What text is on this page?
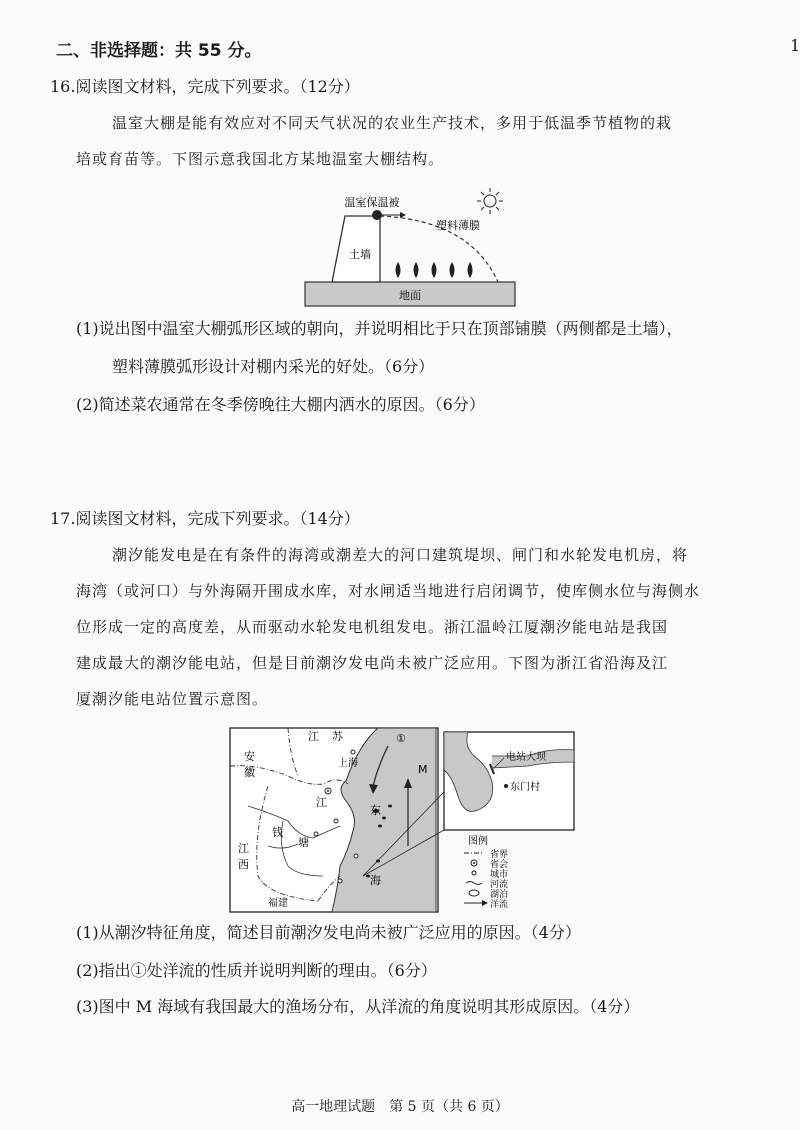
1
二、非选择题：共 55 分。
16.阅读图文材料，完成下列要求。（12分）
温室大棚是能有效应对不同天气状况的农业生产技术，多用于低温季节植物的栽
培或育苗等。下图示意我国北方某地温室大棚结构。
地面
土墙
温室保温被
塑料薄膜
(1)说出图中温室大棚弧形区域的朝向，并说明相比于只在顶部铺膜（两侧都是土墙），
塑料薄膜弧形设计对棚内采光的好处。（6分）
(2)简述菜农通常在冬季傍晚往大棚内洒水的原因。（6分）
17.阅读图文材料，完成下列要求。（14分）
潮汐能发电是在有条件的海湾或潮差大的河口建筑堤坝、闸门和水轮发电机房，将
海湾（或河口）与外海隔开围成水库，对水闸适当地进行启闭调节，使库侧水位与海侧水
位形成一定的高度差，从而驱动水轮发电机组发电。浙江温岭江厦潮汐能电站是我国
建成最大的潮汐能电站，但是目前潮汐发电尚未被广泛应用。下图为浙江省沿海及江
厦潮汐能电站位置示意图。
安
徽
江 苏
上海
①
M
江
钱
塘
东
海
江
西
福建
电站大坝
东门村
图例
省界
省会
城市
河流
湖泊
洋流
(1)从潮汐特征角度，简述目前潮汐发电尚未被广泛应用的原因。（4分）
(2)指出①处洋流的性质并说明判断的理由。（6分）
(3)图中 M 海域有我国最大的渔场分布，从洋流的角度说明其形成原因。（4分）
高一地理试题　第 5 页（共 6 页）
